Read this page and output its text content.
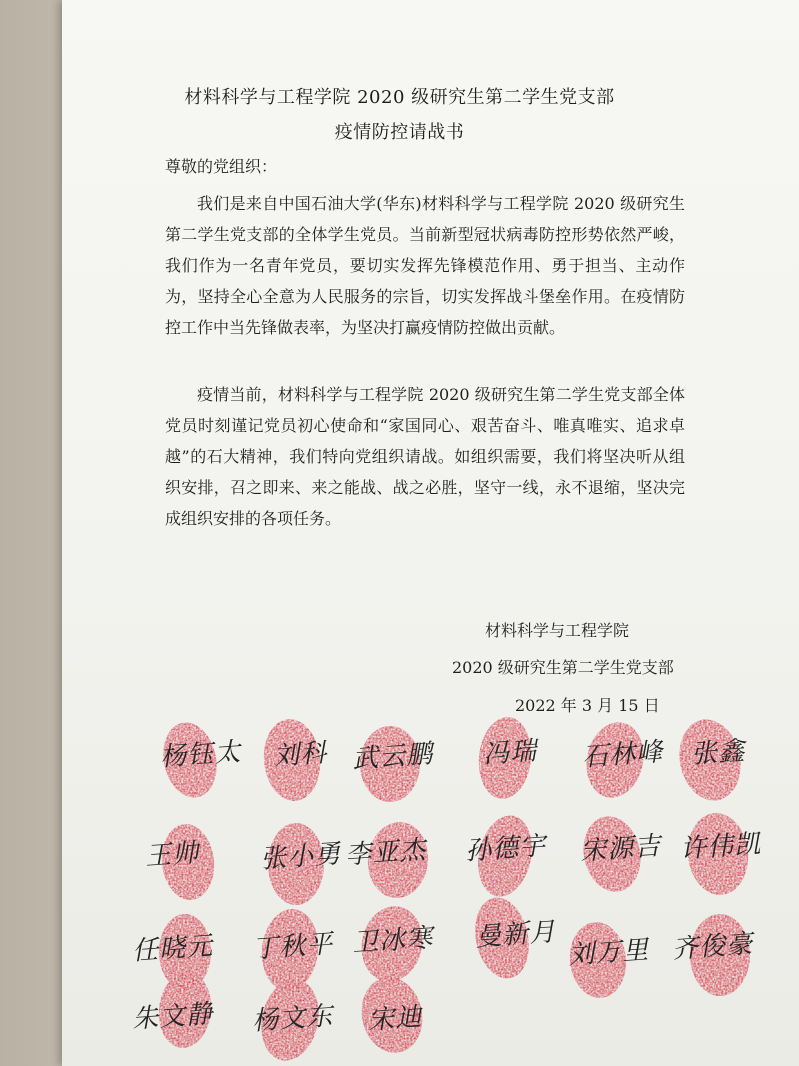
材料科学与工程学院 2020 级研究生第二学生党支部
疫情防控请战书
尊敬的党组织：

我们是来自中国石油大学(华东)材料科学与工程学院 2020 级研究生第二学生党支部的全体学生党员。当前新型冠状病毒防控形势依然严峻，我们作为一名青年党员，要切实发挥先锋模范作用、勇于担当、主动作为，坚持全心全意为人民服务的宗旨，切实发挥战斗堡垒作用。在疫情防控工作中当先锋做表率，为坚决打赢疫情防控做出贡献。

疫情当前，材料科学与工程学院 2020 级研究生第二学生党支部全体党员时刻谨记党员初心使命和“家国同心、艰苦奋斗、唯真唯实、追求卓越”的石大精神，我们特向党组织请战。如组织需要，我们将坚决听从组织安排，召之即来、来之能战、战之必胜，坚守一线，永不退缩，坚决完成组织安排的各项任务。

材料科学与工程学院
2020 级研究生第二学生党支部
2022 年 3 月 15 日
杨钰太 刘科 武云鹏 冯瑞 石林峰 张鑫
王帅 张小勇 李亚杰 孙德宇 宋源吉 许伟凯
任晓元 丁秋平 卫冰寒 曼新月
刘万里 齐俊豪
朱文静 杨文东 宋迪
